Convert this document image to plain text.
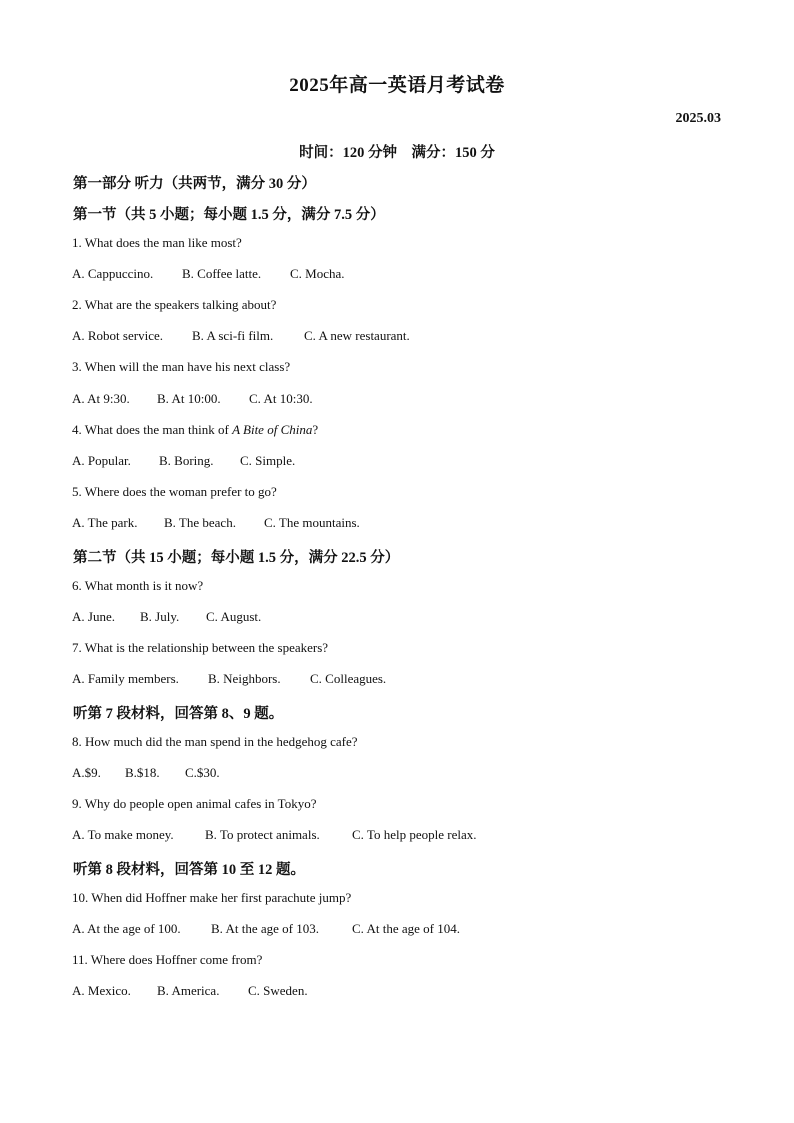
2025年高一英语月考试卷
2025.03
时间：120 分钟　满分：150 分
第一部分 听力（共两节，满分 30 分）
第一节（共 5 小题；每小题 1.5 分，满分 7.5 分）
1. What does the man like most?
A. Cappuccino. B. Coffee latte. C. Mocha.
2. What are the speakers talking about?
A. Robot service. B. A sci-fi film. C. A new restaurant.
3. When will the man have his next class?
A. At 9:30. B. At 10:00. C. At 10:30.
4. What does the man think of A Bite of China?
A. Popular. B. Boring. C. Simple.
5. Where does the woman prefer to go?
A. The park. B. The beach. C. The mountains.
第二节（共 15 小题；每小题 1.5 分，满分 22.5 分）
6. What month is it now?
A. June. B. July. C. August.
7. What is the relationship between the speakers?
A. Family members. B. Neighbors. C. Colleagues.
听第 7 段材料，回答第 8、9 题。
8. How much did the man spend in the hedgehog cafe?
A.$9. B.$18. C.$30.
9. Why do people open animal cafes in Tokyo?
A. To make money. B. To protect animals. C. To help people relax.
听第 8 段材料，回答第 10 至 12 题。
10. When did Hoffner make her first parachute jump?
A. At the age of 100. B. At the age of 103.	C. At the age of 104.
11. Where does Hoffner come from?
A. Mexico. B. America. C. Sweden.
